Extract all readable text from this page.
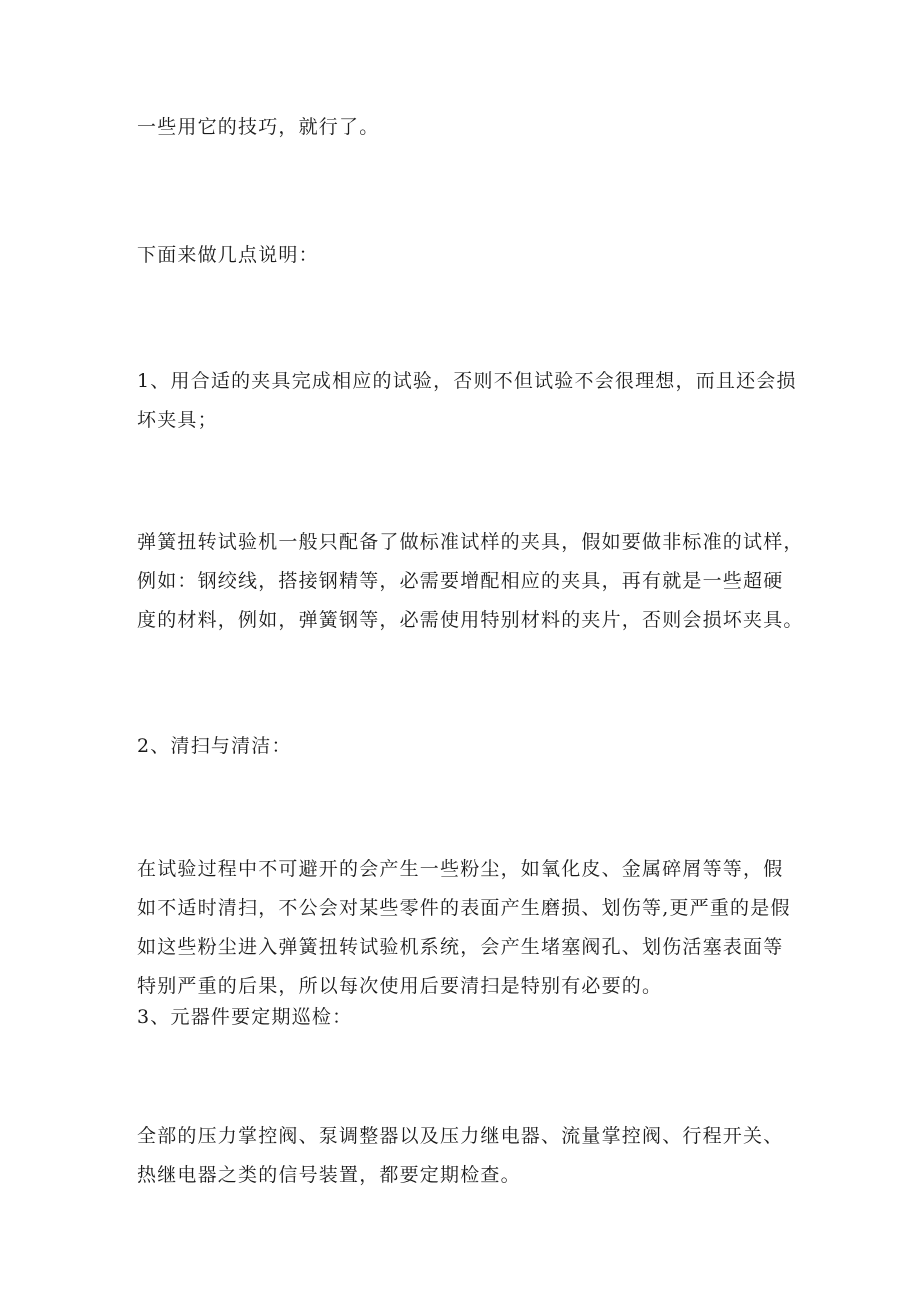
一些用它的技巧，就行了。

下面来做几点说明：

1、用合适的夹具完成相应的试验，否则不但试验不会很理想，而且还会损
坏夹具；

弹簧扭转试验机一般只配备了做标准试样的夹具，假如要做非标准的试样，
例如：钢绞线，搭接钢精等，必需要增配相应的夹具，再有就是一些超硬
度的材料，例如，弹簧钢等，必需使用特别材料的夹片，否则会损坏夹具。

2、清扫与清洁：

在试验过程中不可避开的会产生一些粉尘，如氧化皮、金属碎屑等等，假
如不适时清扫，不公会对某些零件的表面产生磨损、划伤等,更严重的是假
如这些粉尘进入弹簧扭转试验机系统，会产生堵塞阀孔、划伤活塞表面等
特别严重的后果，所以每次使用后要清扫是特别有必要的。
3、元器件要定期巡检：

全部的压力掌控阀、泵调整器以及压力继电器、流量掌控阀、行程开关、
热继电器之类的信号装置，都要定期检查。
